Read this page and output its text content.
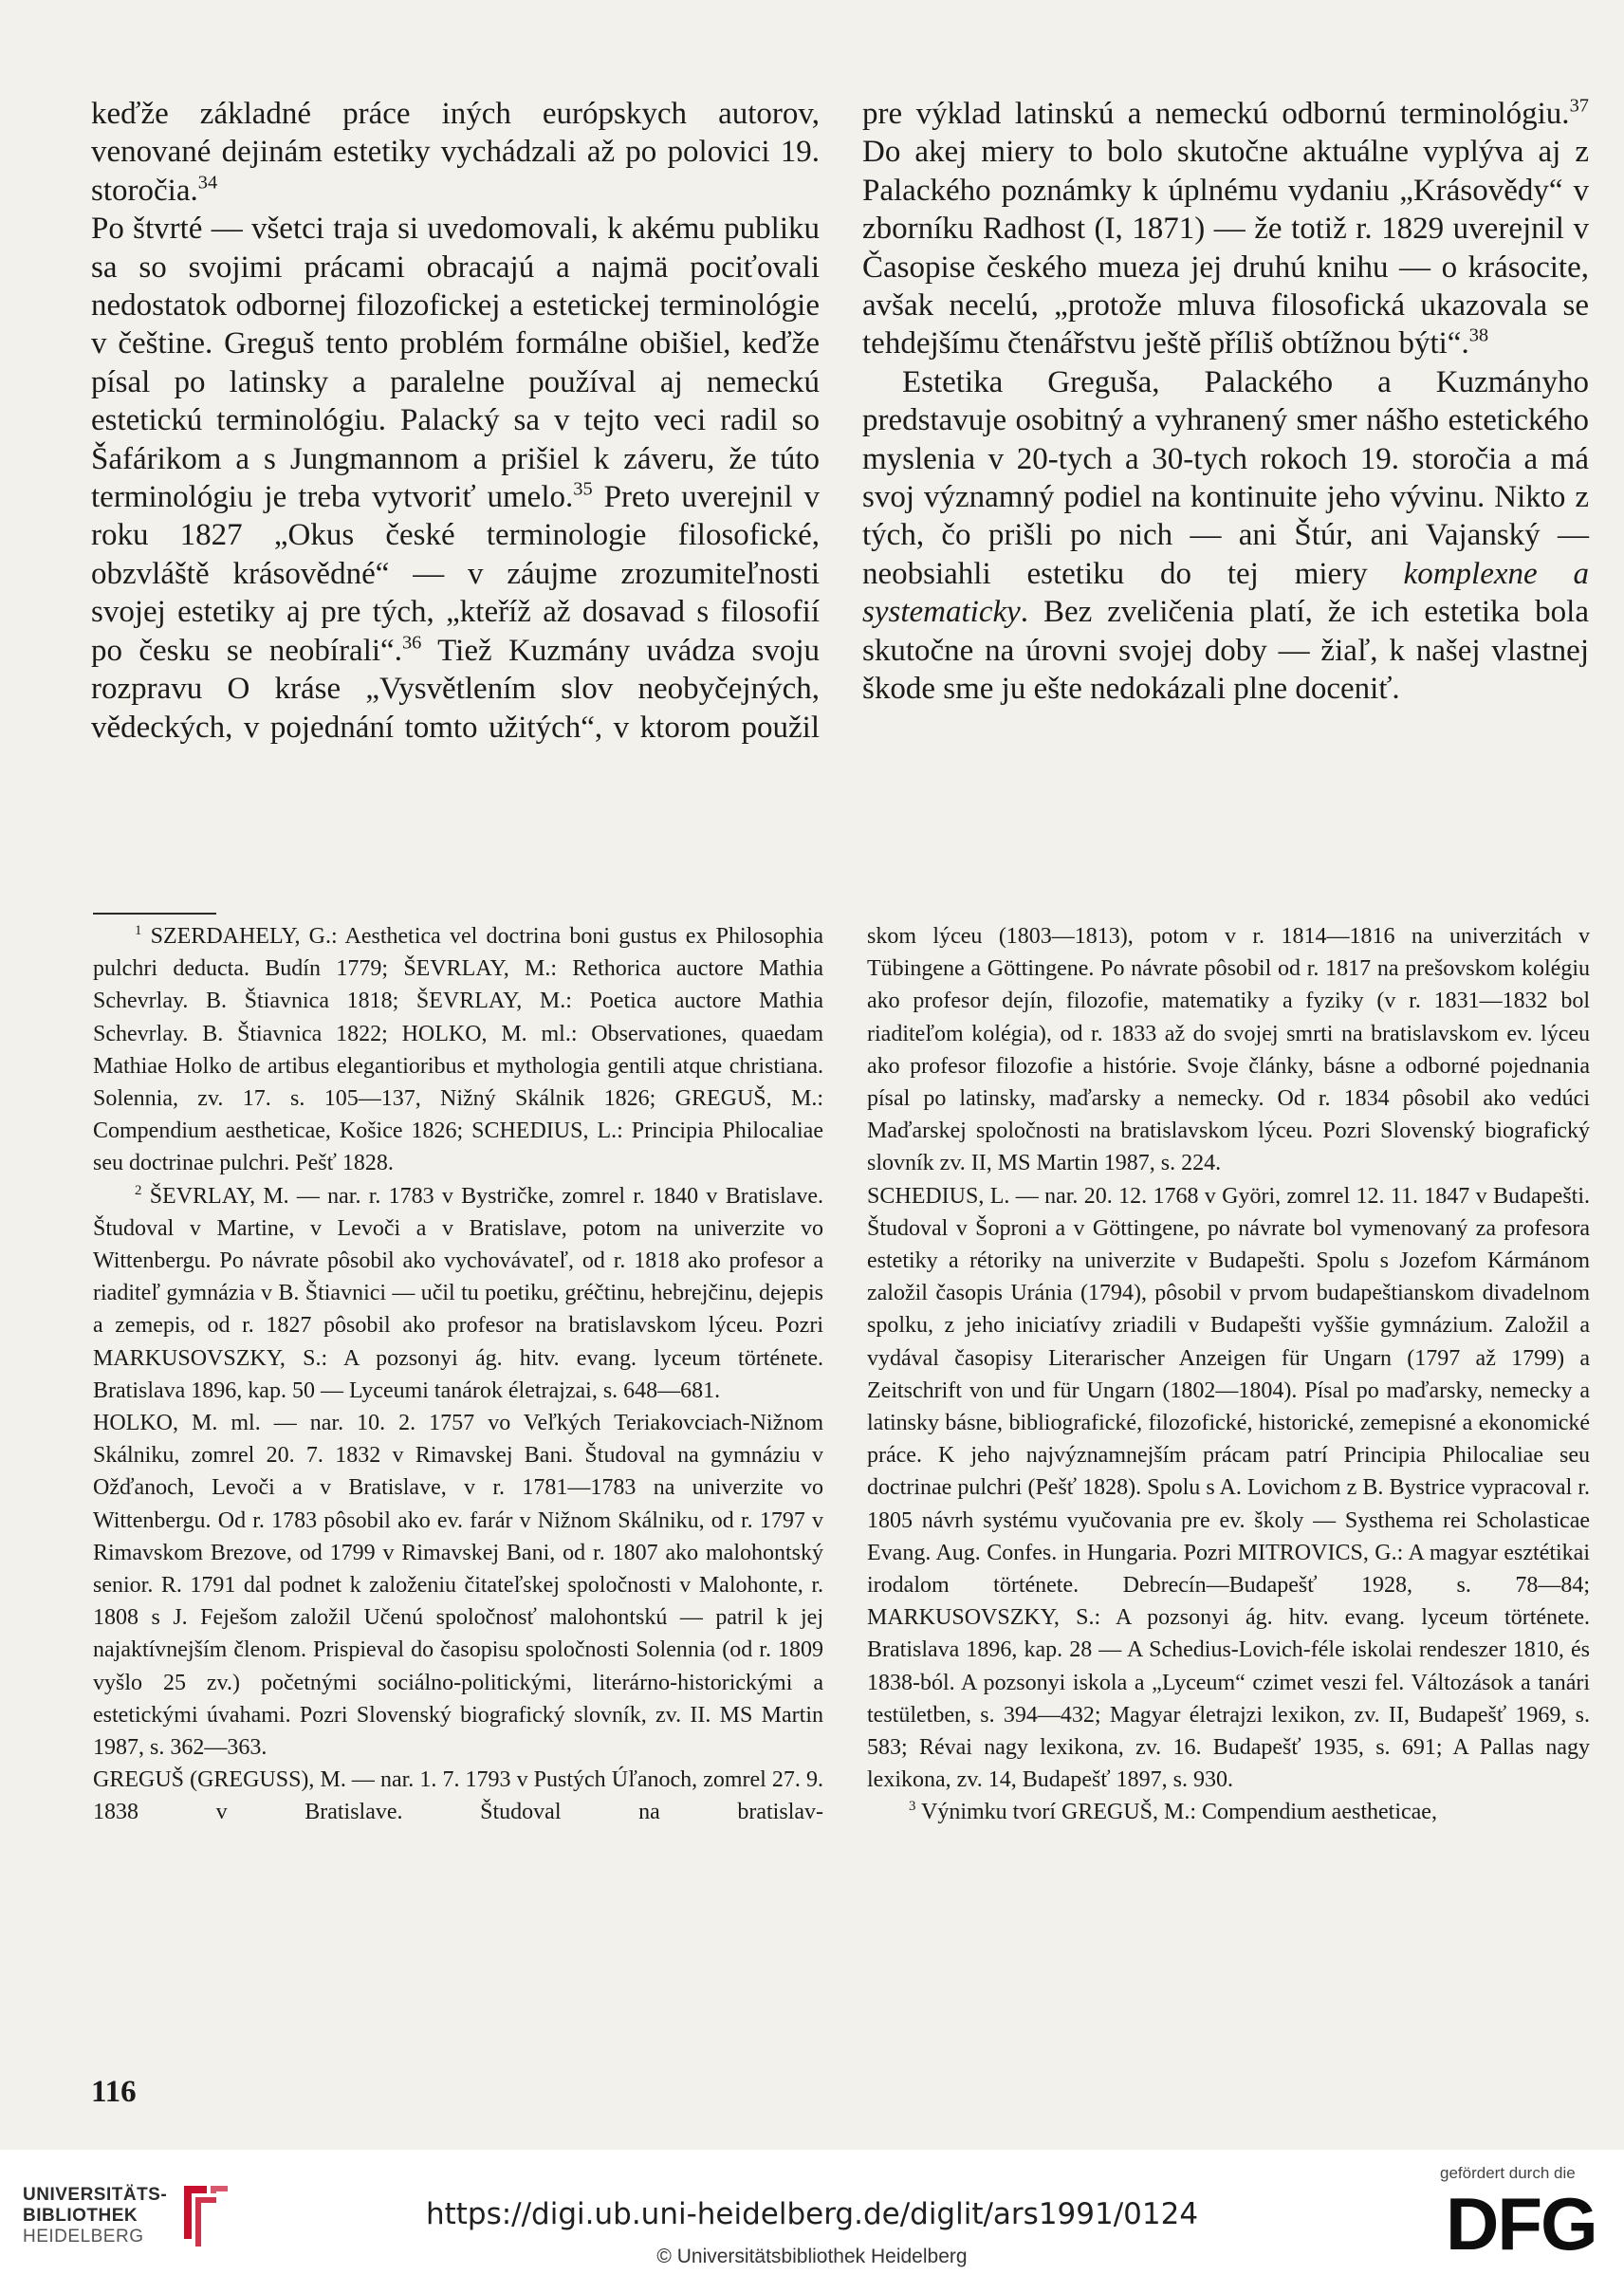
keďže základné práce iných európskych autorov, venované dejinám estetiky vychádzali až po polovici 19. storočia.$^{34}$

Po štvrté — všetci traja si uvedomovali, k akému publiku sa so svojimi prácami obracajú a najmä pociťovali nedostatok odbornej filozofickej a estetickej terminológie v češtine. Greguš tento problém formálne obišiel, keďže písal po latinsky a paralelne používal aj nemeckú estetickú terminológiu. Palacký sa v tejto veci radil so Šafárikom a s Jungmannom a prišiel k záveru, že túto terminológiu je treba vytvoriť umelo.$^{35}$ Preto uverejnil v roku 1827 „Okus české terminologie filosofické, obzvláště krásovědné“ — v záujme zrozumiteľnosti svojej estetiky aj pre tých, „kteříž až dosavad s filosofií po česku se neobírali“.$^{36}$ Tiež Kuzmány uvádza svoju rozpravu O kráse „Vysvětlením slov neobyčejných, vědeckých, v pojednání tomto užitých“, v ktorom použil

pre výklad latinskú a nemeckú odbornú terminológiu.$^{37}$ Do akej miery to bolo skutočne aktuálne vyplýva aj z Palackého poznámky k úplnému vydaniu „Krásovědy“ v zborníku Radhost (I, 1871) — že totiž r. 1829 uverejnil v Časopise českého mueza jej druhú knihu — o krásocite, avšak necelú, „protože mluva filosofická ukazovala se tehdejšímu čtenářstvu ještě příliš obtížnou býti“.$^{38}$

Estetika Greguša, Palackého a Kuzmányho predstavuje osobitný a vyhranený smer nášho estetického myslenia v 20-tych a 30-tych rokoch 19. storočia a má svoj významný podiel na kontinuite jeho vývinu. Nikto z tých, čo prišli po nich — ani Štúr, ani Vajanský — neobsiahli estetiku do tej miery komplexne a systematicky. Bez zveličenia platí, že ich estetika bola skutočne na úrovni svojej doby — žiaľ, k našej vlastnej škode sme ju ešte nedokázali plne doceniť.

$^1$ SZERDAHELY, G.: Aesthetica vel doctrina boni gustus ex Philosophia pulchri deducta. Budín 1779; ŠEVRLAY, M.: Rethorica auctore Mathia Schevrlay. B. Štiavnica 1818; ŠEVRLAY, M.: Poetica auctore Mathia Schevrlay. B. Štiavnica 1822; HOLKO, M. ml.: Observationes, quaedam Mathiae Holko de artibus elegantioribus et mythologia gentili atque christiana. Solennia, zv. 17. s. 105—137, Nižný Skálnik 1826; GREGUŠ, M.: Compendium aestheticae, Košice 1826; SCHEDIUS, L.: Principia Philocaliae seu doctrinae pulchri. Pešť 1828.

$^2$ ŠEVRLAY, M. — nar. r. 1783 v Bystričke, zomrel r. 1840 v Bratislave. Študoval v Martine, v Levoči a v Bratislave, potom na univerzite vo Wittenbergu. Po návrate pôsobil ako vychovávateľ, od r. 1818 ako profesor a riaditeľ gymnázia v B. Štiavnici — učil tu poetiku, gréčtinu, hebrejčinu, dejepis a zemepis, od r. 1827 pôsobil ako profesor na bratislavskom lýceu. Pozri MARKUSOVSZKY, S.: A pozsonyi ág. hitv. evang. lyceum története. Bratislava 1896, kap. 50 — Lyceumi tanárok életrajzai, s. 648—681.

HOLKO, M. ml. — nar. 10. 2. 1757 vo Veľkých Teriakovciach-Nižnom Skálniku, zomrel 20. 7. 1832 v Rimavskej Bani. Študoval na gymnáziu v Ožďanoch, Levoči a v Bratislave, v r. 1781—1783 na univerzite vo Wittenbergu. Od r. 1783 pôsobil ako ev. farár v Nižnom Skálniku, od r. 1797 v Rimavskom Brezove, od 1799 v Rimavskej Bani, od r. 1807 ako malohontský senior. R. 1791 dal podnet k založeniu čitateľskej spoločnosti v Malohonte, r. 1808 s J. Feješom založil Učenú spoločnosť malohontskú — patril k jej najaktívnejším členom. Prispieval do časopisu spoločnosti Solennia (od r. 1809 vyšlo 25 zv.) početnými sociálno-politickými, literárno-historickými a estetickými úvahami. Pozri Slovenský biografický slovník, zv. II. MS Martin 1987, s. 362—363.

GREGUŠ (GREGUSS), M. — nar. 1. 7. 1793 v Pustých Úľanoch, zomrel 27. 9. 1838 v Bratislave. Študoval na bratislav-

skom lýceu (1803—1813), potom v r. 1814—1816 na univerzitách v Tübingene a Göttingene. Po návrate pôsobil od r. 1817 na prešovskom kolégiu ako profesor dejín, filozofie, matematiky a fyziky (v r. 1831—1832 bol riaditeľom kolégia), od r. 1833 až do svojej smrti na bratislavskom ev. lýceu ako profesor filozofie a histórie. Svoje články, básne a odborné pojednania písal po latinsky, maďarsky a nemecky. Od r. 1834 pôsobil ako vedúci Maďarskej spoločnosti na bratislavskom lýceu. Pozri Slovenský biografický slovník zv. II, MS Martin 1987, s. 224.

SCHEDIUS, L. — nar. 20. 12. 1768 v Györi, zomrel 12. 11. 1847 v Budapešti. Študoval v Šoproni a v Göttingene, po návrate bol vymenovaný za profesora estetiky a rétoriky na univerzite v Budapešti. Spolu s Jozefom Kármánom založil časopis Uránia (1794), pôsobil v prvom budapeštianskom divadelnom spolku, z jeho iniciatívy zriadili v Budapešti vyššie gymnázium. Založil a vydával časopisy Literarischer Anzeigen für Ungarn (1797 až 1799) a Zeitschrift von und für Ungarn (1802—1804). Písal po maďarsky, nemecky a latinsky básne, bibliografické, filozofické, historické, zemepisné a ekonomické práce. K jeho najvýznamnejším prácam patrí Principia Philocaliae seu doctrinae pulchri (Pešť 1828). Spolu s A. Lovichom z B. Bystrice vypracoval r. 1805 návrh systému vyučovania pre ev. školy — Systhema rei Scholasticae Evang. Aug. Confes. in Hungaria. Pozri MITROVICS, G.: A magyar esztétikai irodalom története. Debrecín—Budapešť 1928, s. 78—84; MARKUSOVSZKY, S.: A pozsonyi ág. hitv. evang. lyceum története. Bratislava 1896, kap. 28 — A Schedius-Lovich-féle iskolai rendeszer 1810, és 1838-ból. A pozsonyi iskola a „Lyceum“ czimet veszi fel. Változások a tanári testületben, s. 394—432; Magyar életrajzi lexikon, zv. II, Budapešť 1969, s. 583; Révai nagy lexikona, zv. 16. Budapešť 1935, s. 691; A Pallas nagy lexikona, zv. 14, Budapešť 1897, s. 930.

$^3$ Výnimku tvorí GREGUŠ, M.: Compendium aestheticae,

116
UNIVERSITÄTS-
BIBLIOTHEK
HEIDELBERG
https://digi.ub.uni-heidelberg.de/diglit/ars1991/0124
© Universitätsbibliothek Heidelberg
gefördert durch die
DFG
